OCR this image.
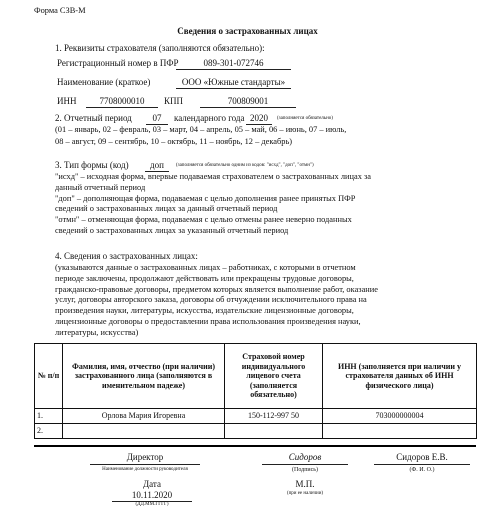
Форма СЗВ-М
Сведения о застрахованных лицах
1. Реквизиты страхователя (заполняются обязательно):
Регистрационный номер в ПФР	089-301-072746
Наименование (краткое)	ООО «Южные стандарты»
ИНН	7708000010	КПП	700809001
2. Отчетный период	07	календарного года 2020	(заполняется обязательно)
(01 – январь, 02 – февраль, 03 – март, 04 – апрель, 05 – май, 06 – июнь, 07 – июль,
08 – август, 09 – сентябрь, 10 – октябрь, 11 – ноябрь, 12 – декабрь)
3. Тип формы (код)	доп	(заполняется обязательно одним из кодов: "исхд", "доп", "отмн")
"исхд" – исходная форма, впервые подаваемая страхователем о застрахованных лицах за
данный отчетный период
"доп" – дополняющая форма, подаваемая с целью дополнения ранее принятых ПФР
сведений о застрахованных лицах за данный отчетный период
"отмн" – отменяющая форма, подаваемая с целью отмены ранее неверно поданных
сведений о застрахованных лицах за указанный отчетный период
4. Сведения о застрахованных лицах:
(указываются данные о застрахованных лицах – работниках, с которыми в отчетном
периоде заключены, продолжают действовать или прекращены трудовые договоры,
гражданско-правовые договоры, предметом которых является выполнение работ, оказание
услуг, договоры авторского заказа, договоры об отчуждении исключительного права на
произведения науки, литературы, искусства, издательские лицензионные договоры,
лицензионные договоры о предоставлении права использования произведения науки,
литературы, искусства)
№ п/п	Фамилия, имя, отчество (при наличии) застрахованного лица (заполняются в именительном падеже)	Страховой номер индивидуального лицевого счета (заполняется обязательно)	ИНН (заполняется при наличии у страхователя данных об ИНН физического лица)
1.	Орлова Мария Игоревна	150-112-997 50	703000000004
2.			
Директор
Наименование должности руководителя
Сидоров
(Подпись)
Сидоров Е.В.
(Ф. И. О.)
Дата
10.11.2020
(ДД.ММ.ГГГГ)
М.П.
(при ее наличии)
